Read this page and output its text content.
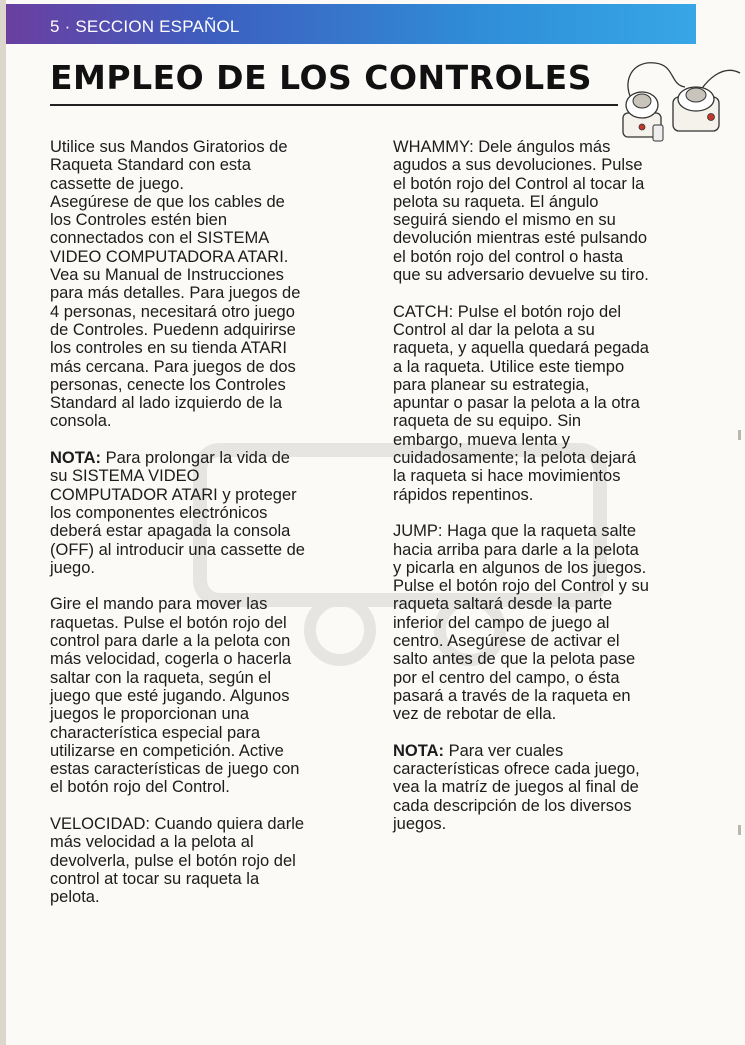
5 · SECCION ESPAÑOL
EMPLEO DE LOS CONTROLES

Utilice sus Mandos Giratorios de
Raqueta Standard con esta
cassette de juego.
Asegúrese de que los cables de
los Controles estén bien
connectados con el SISTEMA
VIDEO COMPUTADORA ATARI.
Vea su Manual de Instrucciones
para más detalles. Para juegos de
4 personas, necesitará otro juego
de Controles. Puedenn adquirirse
los controles en su tienda ATARI
más cercana. Para juegos de dos
personas, cenecte los Controles
Standard al lado izquierdo de la
consola.

NOTA: Para prolongar la vida de
su SISTEMA VIDEO
COMPUTADOR ATARI y proteger
los componentes electrónicos
deberá estar apagada la consola
(OFF) al introducir una cassette de
juego.

Gire el mando para mover las
raquetas. Pulse el botón rojo del
control para darle a la pelota con
más velocidad, cogerla o hacerla
saltar con la raqueta, según el
juego que esté jugando. Algunos
juegos le proporcionan una
characterística especial para
utilizarse en competición. Active
estas características de juego con
el botón rojo del Control.

VELOCIDAD: Cuando quiera darle
más velocidad a la pelota al
devolverla, pulse el botón rojo del
control at tocar su raqueta la
pelota.

WHAMMY: Dele ángulos más
agudos a sus devoluciones. Pulse
el botón rojo del Control al tocar la
pelota su raqueta. El ángulo
seguirá siendo el mismo en su
devolución mientras esté pulsando
el botón rojo del control o hasta
que su adversario devuelve su tiro.

CATCH: Pulse el botón rojo del
Control al dar la pelota a su
raqueta, y aquella quedará pegada
a la raqueta. Utilice este tiempo
para planear su estrategia,
apuntar o pasar la pelota a la otra
raqueta de su equipo. Sin
embargo, mueva lenta y
cuidadosamente; la pelota dejará
la raqueta si hace movimientos
rápidos repentinos.

JUMP: Haga que la raqueta salte
hacia arriba para darle a la pelota
y picarla en algunos de los juegos.
Pulse el botón rojo del Control y su
raqueta saltará desde la parte
inferior del campo de juego al
centro. Asegúrese de activar el
salto antes de que la pelota pase
por el centro del campo, o ésta
pasará a través de la raqueta en
vez de rebotar de ella.

NOTA: Para ver cuales
características ofrece cada juego,
vea la matríz de juegos al final de
cada descripción de los diversos
juegos.
